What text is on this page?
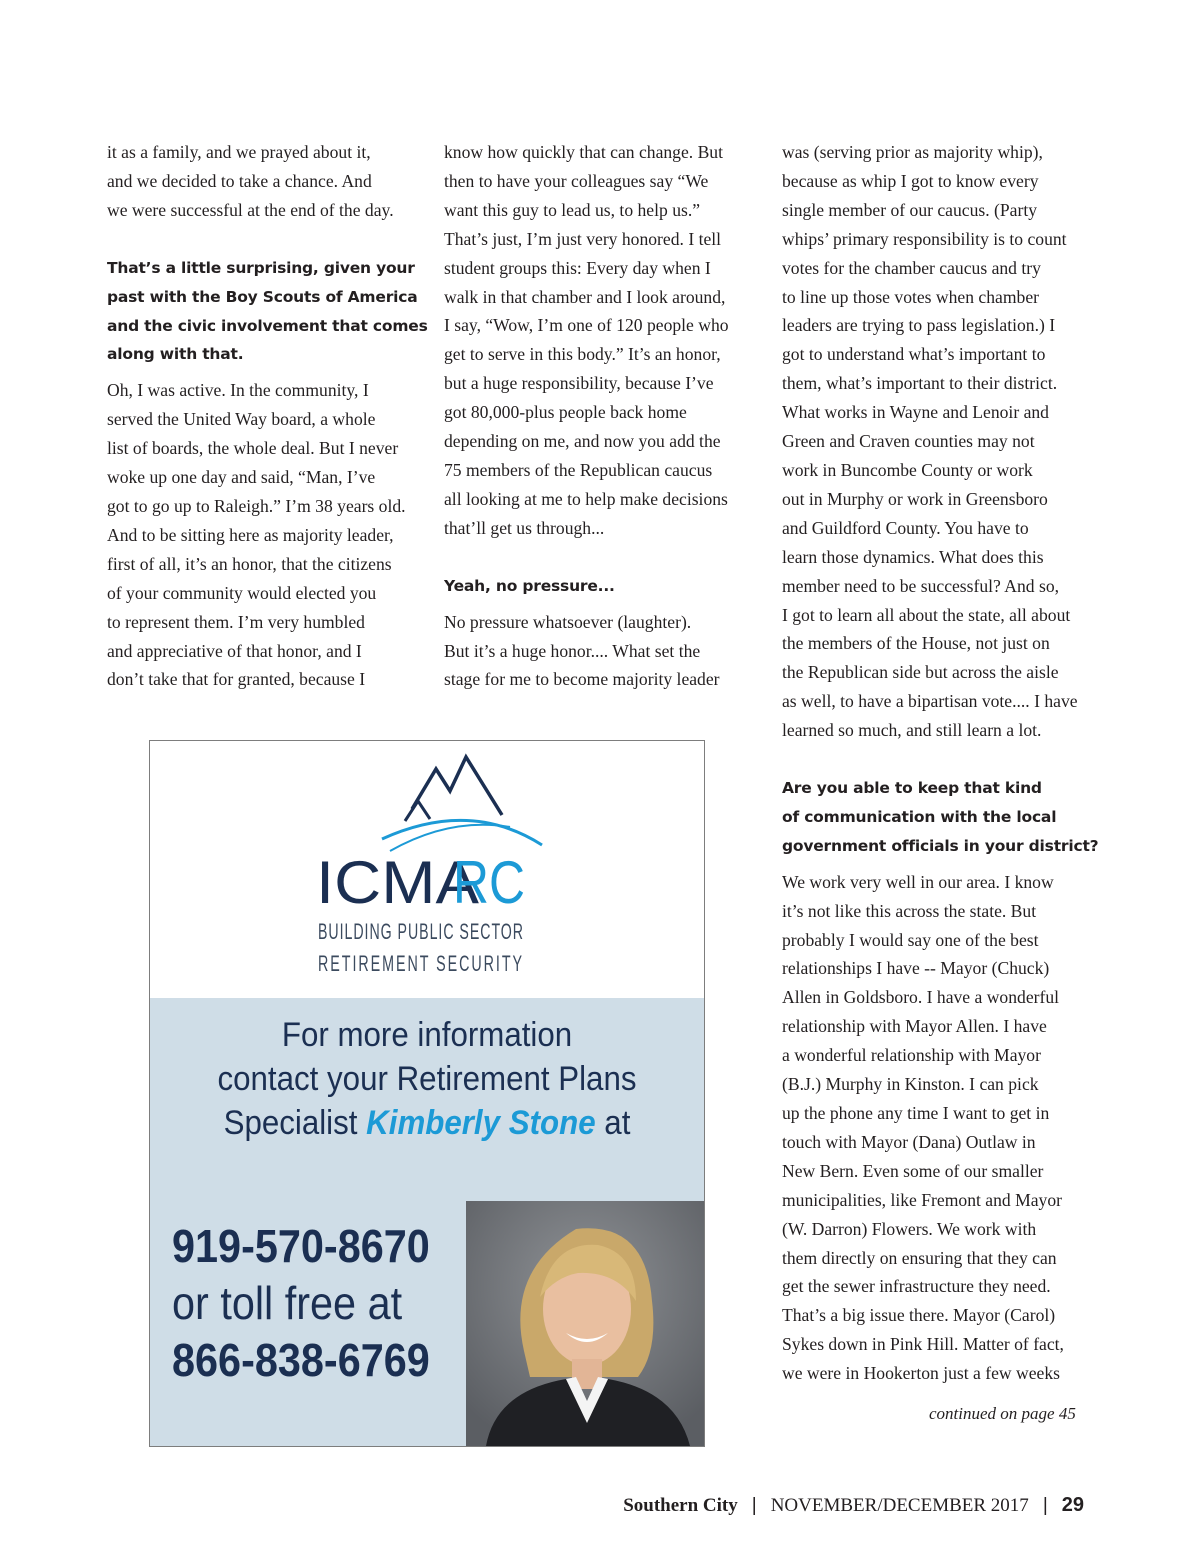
it as a family, and we prayed about it,
and we decided to take a chance. And
we were successful at the end of the day.
That’s a little surprising, given your
past with the Boy Scouts of America
and the civic involvement that comes
along with that.
Oh, I was active. In the community, I
served the United Way board, a whole
list of boards, the whole deal. But I never
woke up one day and said, “Man, I’ve
got to go up to Raleigh.” I’m 38 years old.
And to be sitting here as majority leader,
first of all, it’s an honor, that the citizens
of your community would elected you
to represent them. I’m very humbled
and appreciative of that honor, and I
don’t take that for granted, because I
know how quickly that can change. But
then to have your colleagues say “We
want this guy to lead us, to help us.”
That’s just, I’m just very honored. I tell
student groups this: Every day when I
walk in that chamber and I look around,
I say, “Wow, I’m one of 120 people who
get to serve in this body.” It’s an honor,
but a huge responsibility, because I’ve
got 80,000-plus people back home
depending on me, and now you add the
75 members of the Republican caucus
all looking at me to help make decisions
that’ll get us through...
Yeah, no pressure...
No pressure whatsoever (laughter).
But it’s a huge honor.... What set the
stage for me to become majority leader
was (serving prior as majority whip),
because as whip I got to know every
single member of our caucus. (Party
whips’ primary responsibility is to count
votes for the chamber caucus and try
to line up those votes when chamber
leaders are trying to pass legislation.) I
got to understand what’s important to
them, what’s important to their district.
What works in Wayne and Lenoir and
Green and Craven counties may not
work in Buncombe County or work
out in Murphy or work in Greensboro
and Guildford County. You have to
learn those dynamics. What does this
member need to be successful? And so,
I got to learn all about the state, all about
the members of the House, not just on
the Republican side but across the aisle
as well, to have a bipartisan vote.... I have
learned so much, and still learn a lot.
Are you able to keep that kind
of communication with the local
government officials in your district?
We work very well in our area. I know
it’s not like this across the state. But
probably I would say one of the best
relationships I have -- Mayor (Chuck)
Allen in Goldsboro. I have a wonderful
relationship with Mayor Allen. I have
a wonderful relationship with Mayor
(B.J.) Murphy in Kinston. I can pick
up the phone any time I want to get in
touch with Mayor (Dana) Outlaw in
New Bern. Even some of our smaller
municipalities, like Fremont and Mayor
(W. Darron) Flowers. We work with
them directly on ensuring that they can
get the sewer infrastructure they need.
That’s a big issue there. Mayor (Carol)
Sykes down in Pink Hill. Matter of fact,
we were in Hookerton just a few weeks
continued on page 45
ICMA
RC
BUILDING PUBLIC SECTOR
RETIREMENT SECURITY
For more information
contact your Retirement Plans
Specialist Kimberly Stone at
919-570-8670
or toll free at
866-838-6769
Southern City | NOVEMBER/DECEMBER 2017 | 29
